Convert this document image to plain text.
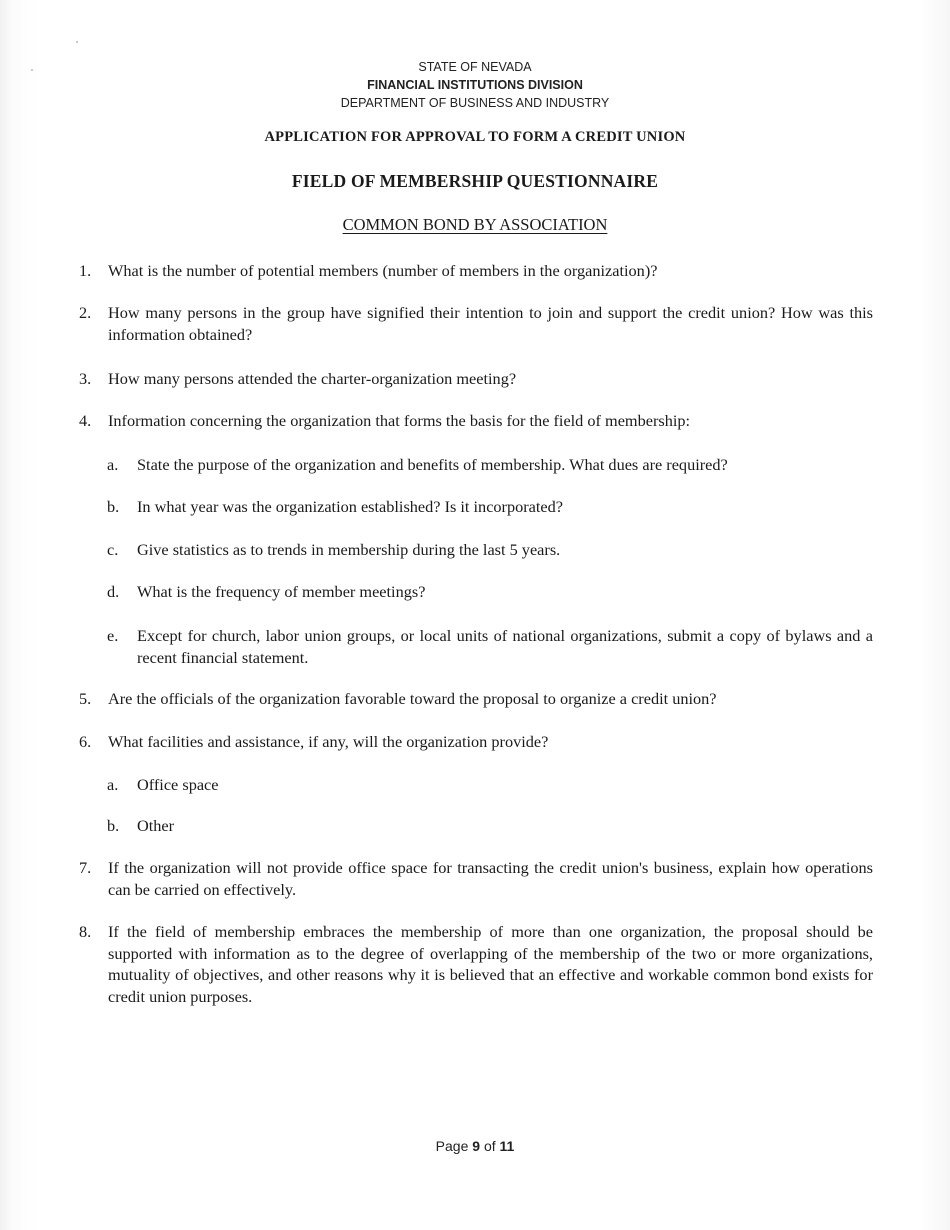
STATE OF NEVADA
FINANCIAL INSTITUTIONS DIVISION
DEPARTMENT OF BUSINESS AND INDUSTRY
APPLICATION FOR APPROVAL TO FORM A CREDIT UNION
FIELD OF MEMBERSHIP QUESTIONNAIRE
COMMON BOND BY ASSOCIATION
1.	What is the number of potential members (number of members in the organization)?
2.	How many persons in the group have signified their intention to join and support the credit union? How was this information obtained?
3.	How many persons attended the charter-organization meeting?
4.	Information concerning the organization that forms the basis for the field of membership:
a.	State the purpose of the organization and benefits of membership. What dues are required?
b.	In what year was the organization established? Is it incorporated?
c.	Give statistics as to trends in membership during the last 5 years.
d.	What is the frequency of member meetings?
e.	Except for church, labor union groups, or local units of national organizations, submit a copy of bylaws and a recent financial statement.
5.	Are the officials of the organization favorable toward the proposal to organize a credit union?
6.	What facilities and assistance, if any, will the organization provide?
a.	Office space
b.	Other
7.	If the organization will not provide office space for transacting the credit union's business, explain how operations can be carried on effectively.
8.	If the field of membership embraces the membership of more than one organization, the proposal should be supported with information as to the degree of overlapping of the membership of the two or more organizations, mutuality of objectives, and other reasons why it is believed that an effective and workable common bond exists for credit union purposes.
Page 9 of 11
